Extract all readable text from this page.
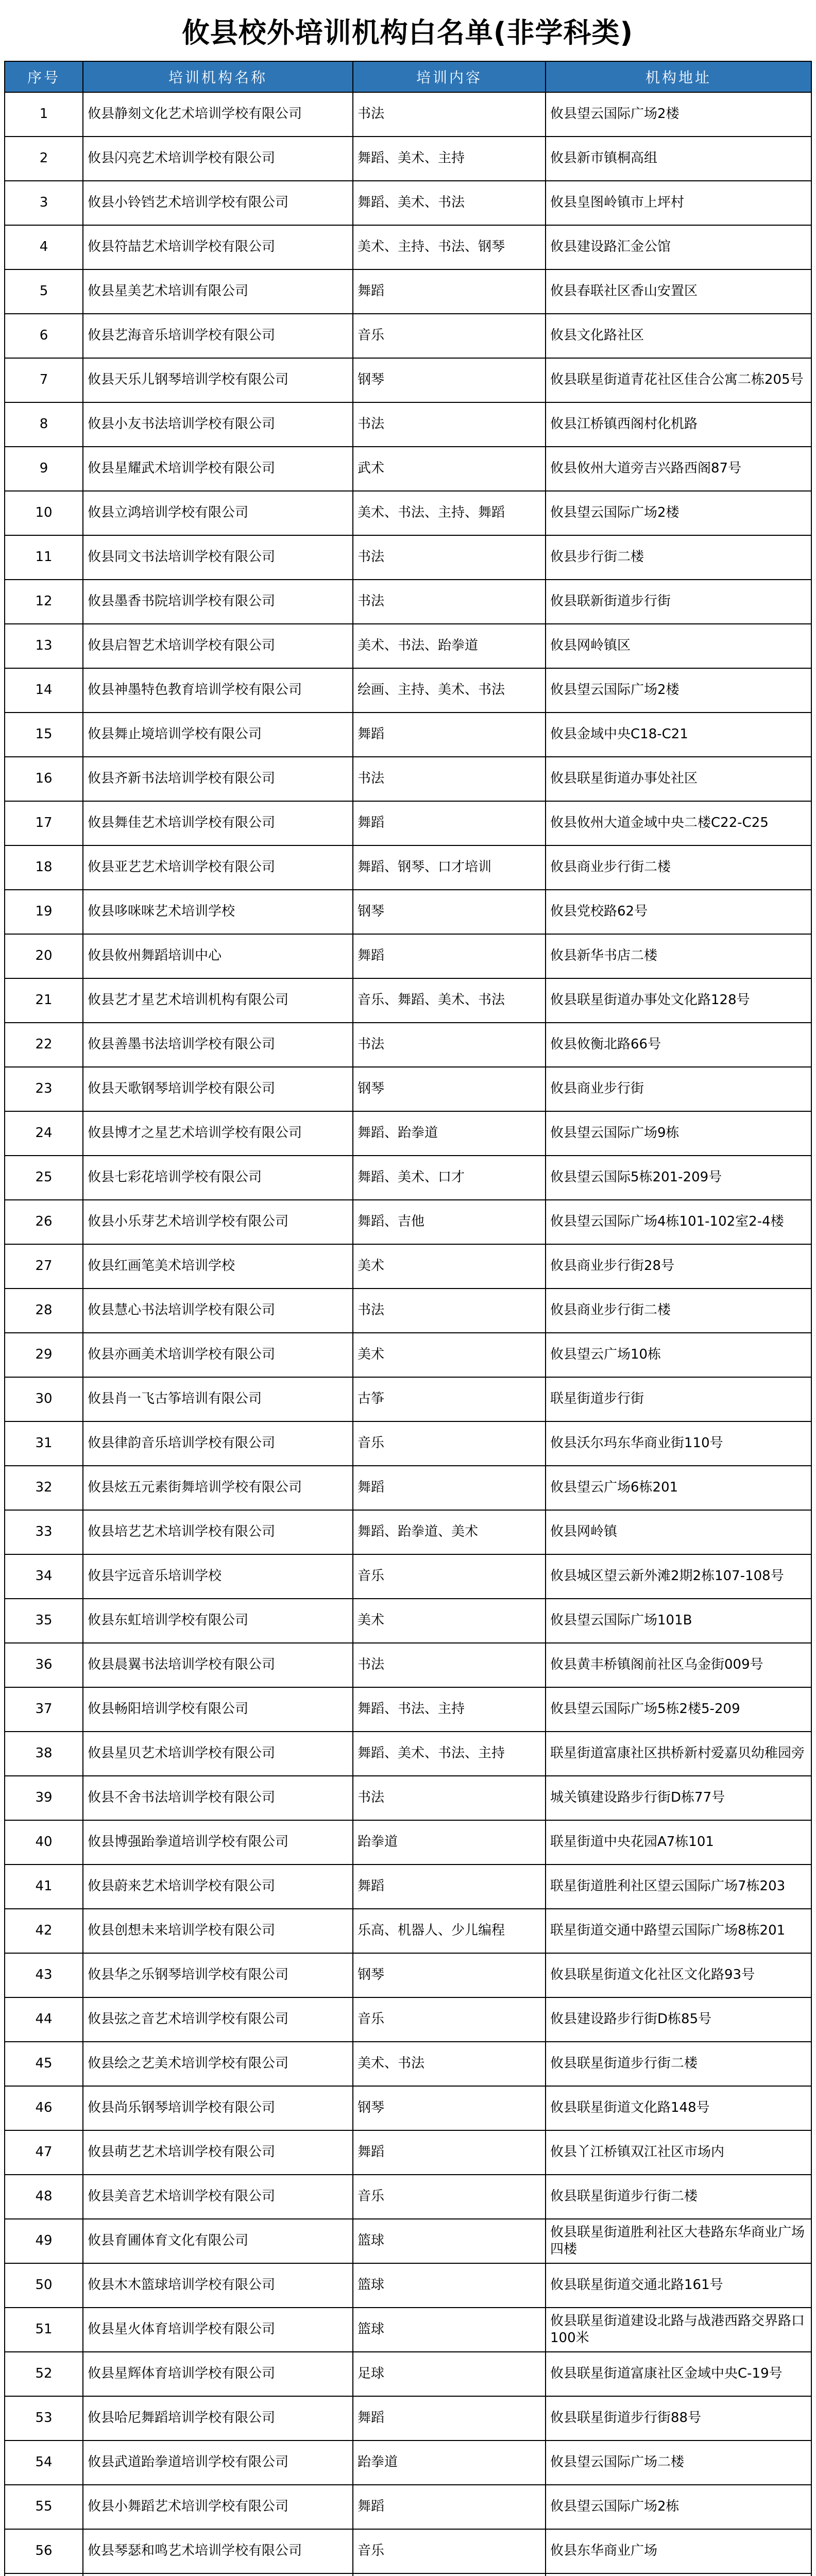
攸县校外培训机构白名单(非学科类)
序号	培训机构名称	培训内容	机构地址
1	攸县静刻文化艺术培训学校有限公司	书法	攸县望云国际广场2楼
2	攸县闪亮艺术培训学校有限公司	舞蹈、美术、主持	攸县新市镇桐高组
3	攸县小铃铛艺术培训学校有限公司	舞蹈、美术、书法	攸县皇图岭镇市上坪村
4	攸县符喆艺术培训学校有限公司	美术、主持、书法、钢琴	攸县建设路汇金公馆
5	攸县星美艺术培训有限公司	舞蹈	攸县春联社区香山安置区
6	攸县艺海音乐培训学校有限公司	音乐	攸县文化路社区
7	攸县天乐儿钢琴培训学校有限公司	钢琴	攸县联星街道青花社区佳合公寓二栋205号
8	攸县小友书法培训学校有限公司	书法	攸县江桥镇西阁村化机路
9	攸县星耀武术培训学校有限公司	武术	攸县攸州大道旁吉兴路西阁87号
10	攸县立鸿培训学校有限公司	美术、书法、主持、舞蹈	攸县望云国际广场2楼
11	攸县同文书法培训学校有限公司	书法	攸县步行街二楼
12	攸县墨香书院培训学校有限公司	书法	攸县联新街道步行街
13	攸县启智艺术培训学校有限公司	美术、书法、跆拳道	攸县网岭镇区
14	攸县神墨特色教育培训学校有限公司	绘画、主持、美术、书法	攸县望云国际广场2楼
15	攸县舞止境培训学校有限公司	舞蹈	攸县金域中央C18-C21
16	攸县齐新书法培训学校有限公司	书法	攸县联星街道办事处社区
17	攸县舞佳艺术培训学校有限公司	舞蹈	攸县攸州大道金域中央二楼C22-C25
18	攸县亚艺艺术培训学校有限公司	舞蹈、钢琴、口才培训	攸县商业步行街二楼
19	攸县哆咪咪艺术培训学校	钢琴	攸县党校路62号
20	攸县攸州舞蹈培训中心	舞蹈	攸县新华书店二楼
21	攸县艺才星艺术培训机构有限公司	音乐、舞蹈、美术、书法	攸县联星街道办事处文化路128号
22	攸县善墨书法培训学校有限公司	书法	攸县攸衡北路66号
23	攸县天歌钢琴培训学校有限公司	钢琴	攸县商业步行街
24	攸县博才之星艺术培训学校有限公司	舞蹈、跆拳道	攸县望云国际广场9栋
25	攸县七彩花培训学校有限公司	舞蹈、美术、口才	攸县望云国际5栋201-209号
26	攸县小乐芽艺术培训学校有限公司	舞蹈、吉他	攸县望云国际广场4栋101-102室2-4楼
27	攸县红画笔美术培训学校	美术	攸县商业步行街28号
28	攸县慧心书法培训学校有限公司	书法	攸县商业步行街二楼
29	攸县亦画美术培训学校有限公司	美术	攸县望云广场10栋
30	攸县肖一飞古筝培训有限公司	古筝	联星街道步行街
31	攸县律韵音乐培训学校有限公司	音乐	攸县沃尔玛东华商业街110号
32	攸县炫五元素街舞培训学校有限公司	舞蹈	攸县望云广场6栋201
33	攸县培艺艺术培训学校有限公司	舞蹈、跆拳道、美术	攸县网岭镇
34	攸县宇远音乐培训学校	音乐	攸县城区望云新外滩2期2栋107-108号
35	攸县东虹培训学校有限公司	美术	攸县望云国际广场101B
36	攸县晨翼书法培训学校有限公司	书法	攸县黄丰桥镇阁前社区乌金街009号
37	攸县畅阳培训学校有限公司	舞蹈、书法、主持	攸县望云国际广场5栋2楼5-209
38	攸县星贝艺术培训学校有限公司	舞蹈、美术、书法、主持	联星街道富康社区拱桥新村爱嘉贝幼稚园旁
39	攸县不舍书法培训学校有限公司	书法	城关镇建设路步行街D栋77号
40	攸县博强跆拳道培训学校有限公司	跆拳道	联星街道中央花园A7栋101
41	攸县蔚来艺术培训学校有限公司	舞蹈	联星街道胜利社区望云国际广场7栋203
42	攸县创想未来培训学校有限公司	乐高、机器人、少儿编程	联星街道交通中路望云国际广场8栋201
43	攸县华之乐钢琴培训学校有限公司	钢琴	攸县联星街道文化社区文化路93号
44	攸县弦之音艺术培训学校有限公司	音乐	攸县建设路步行街D栋85号
45	攸县绘之艺美术培训学校有限公司	美术、书法	攸县联星街道步行街二楼
46	攸县尚乐钢琴培训学校有限公司	钢琴	攸县联星街道文化路148号
47	攸县萌艺艺术培训学校有限公司	舞蹈	攸县丫江桥镇双江社区市场内
48	攸县美音艺术培训学校有限公司	音乐	攸县联星街道步行街二楼
49	攸县育圃体育文化有限公司	篮球	攸县联星街道胜利社区大巷路东华商业广场四楼
50	攸县木木篮球培训学校有限公司	篮球	攸县联星街道交通北路161号
51	攸县星火体育培训学校有限公司	篮球	攸县联星街道建设北路与战港西路交界路口100米
52	攸县星辉体育培训学校有限公司	足球	攸县联星街道富康社区金域中央C-19号
53	攸县哈尼舞蹈培训学校有限公司	舞蹈	攸县联星街道步行街88号
54	攸县武道跆拳道培训学校有限公司	跆拳道	攸县望云国际广场二楼
55	攸县小舞蹈艺术培训学校有限公司	舞蹈	攸县望云国际广场2栋
56	攸县琴瑟和鸣艺术培训学校有限公司	音乐	攸县东华商业广场
